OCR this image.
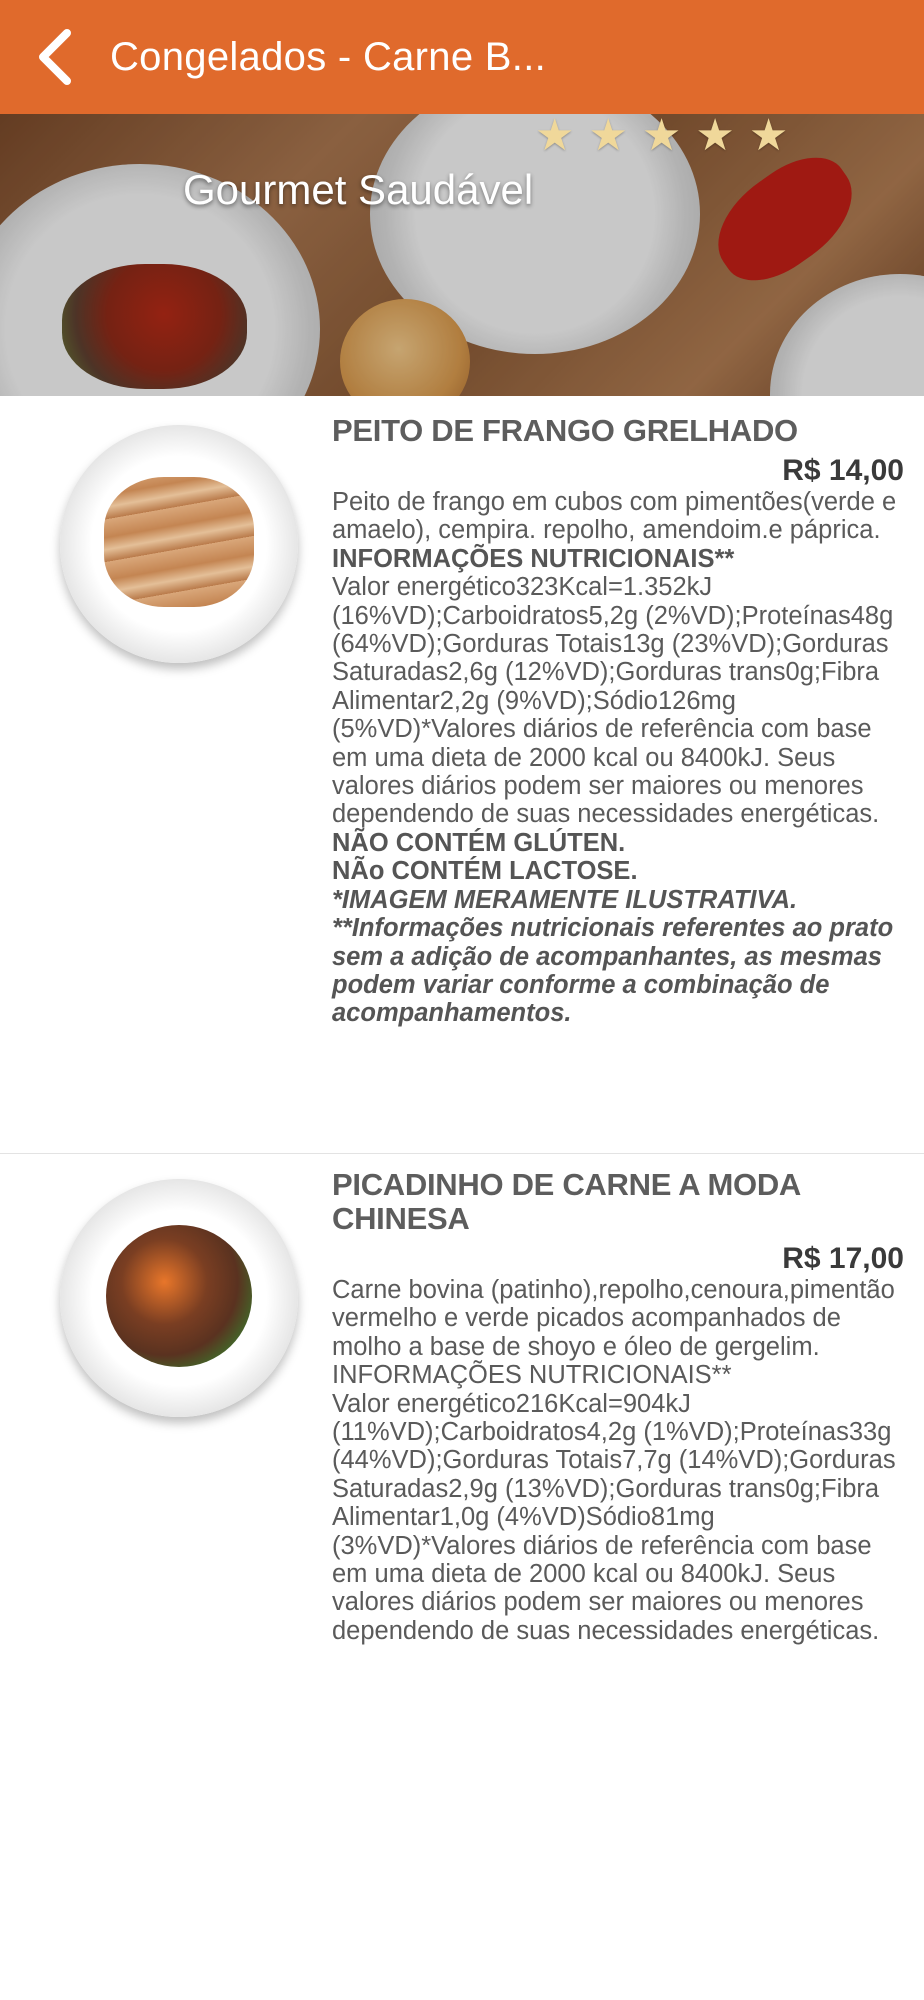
Congelados - Carne B...
★ ★ ★ ★ ★
Gourmet Saudável
PEITO DE FRANGO GRELHADO
R$ 14,00
Peito de frango em cubos com pimentões(verde e amaelo), cempira. repolho, amendoim.e páprica.
INFORMAÇÕES NUTRICIONAIS**
Valor energético323Kcal=1.352kJ (16%VD);Carboidratos5,2g (2%VD);Proteínas48g (64%VD);Gorduras Totais13g (23%VD);Gorduras Saturadas2,6g (12%VD);Gorduras trans0g;Fibra Alimentar2,2g (9%VD);Sódio126mg (5%VD)*Valores diários de referência com base em uma dieta de 2000 kcal ou 8400kJ. Seus valores diários podem ser maiores ou menores dependendo de suas necessidades energéticas.
NÃO CONTÉM GLÚTEN.
NÃo CONTÉM LACTOSE.
*IMAGEM MERAMENTE ILUSTRATIVA.
**Informações nutricionais referentes ao prato sem a adição de acompanhantes, as mesmas podem variar conforme a combinação de acompanhamentos.
PICADINHO DE CARNE A MODA CHINESA
R$ 17,00
Carne bovina (patinho),repolho,cenoura,pimentão vermelho e verde picados acompanhados de molho a base de shoyo e óleo de gergelim.
INFORMAÇÕES NUTRICIONAIS**
Valor energético216Kcal=904kJ (11%VD);Carboidratos4,2g (1%VD);Proteínas33g (44%VD);Gorduras Totais7,7g (14%VD);Gorduras Saturadas2,9g (13%VD);Gorduras trans0g;Fibra Alimentar1,0g (4%VD)Sódio81mg (3%VD)*Valores diários de referência com base em uma dieta de 2000 kcal ou 8400kJ. Seus valores diários podem ser maiores ou menores dependendo de suas necessidades energéticas.
